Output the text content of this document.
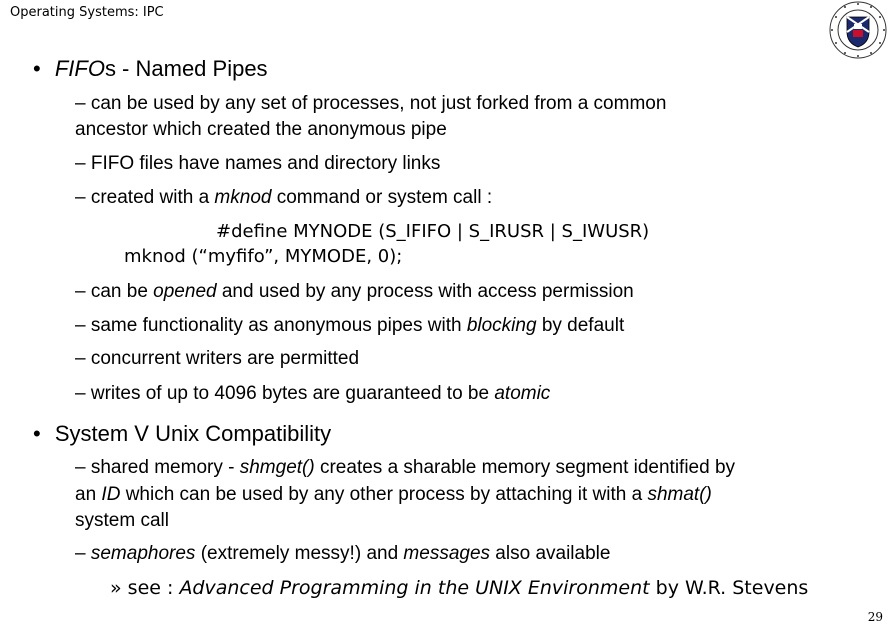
Operating Systems: IPC
• FIFOs - Named Pipes
– can be used by any set of processes, not just forked from a common
ancestor which created the anonymous pipe
– FIFO files have names and directory links
– created with a mknod command or system call :
#define MYNODE (S_IFIFO | S_IRUSR | S_IWUSR)
mknod (“myfifo”, MYMODE, 0);
– can be opened and used by any process with access permission
– same functionality as anonymous pipes with blocking by default
– concurrent writers are permitted
– writes of up to 4096 bytes are guaranteed to be atomic
• System V Unix Compatibility
– shared memory - shmget() creates a sharable memory segment identified by
an ID which can be used by any other process by attaching it with a shmat()
system call
– semaphores (extremely messy!) and messages also available
» see : Advanced Programming in the UNIX Environment by W.R. Stevens
29
